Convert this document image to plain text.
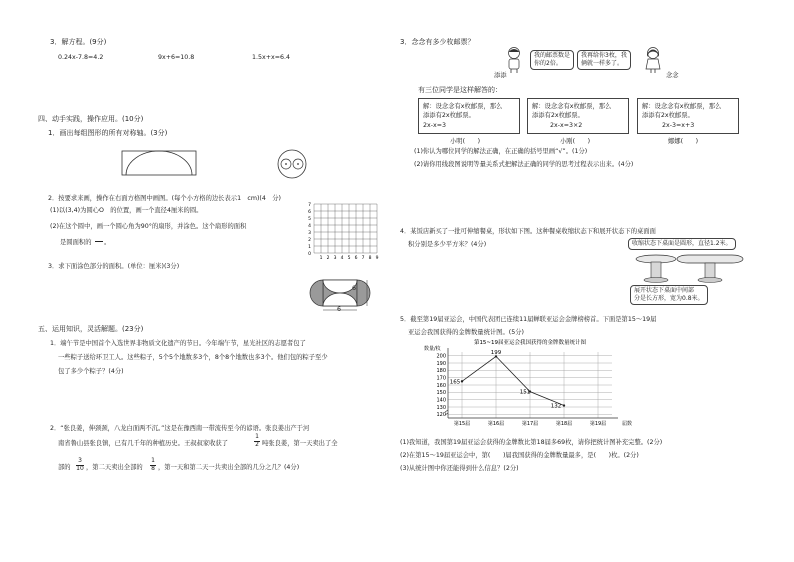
3．解方程。(9分)
0.24x-7.8=4.2	9x+6=10.8	1.5x+x=6.4
四、动手实践，操作应用。(10分)
1．画出每组图形的所有对称轴。(3分)
2．按要求来画，操作在右面方格图中画图。(每个小方格的边长表示1　cm)(4　分)
(1)以(3,4)为圆心O　的位置，画一个直径4厘米的圆。
(2)在这个圆中，画一个圆心角为90°的扇形，并涂色。这个扇形的面积
是圆面积的 。
7
6
5
4
3
2
1
0
1 2 3 4 5 6 7 8 9
3．求下面涂色部分的面积。(单位：厘米)(3分)
6
6
五、运用知识，灵活解题。(23分)
1．端午节是中国首个入选世界非物质文化遗产的节日。今年端午节，星光社区的志愿者包了
一些粽子送给环卫工人。这些粽子，5个5个地数多3个，8个8个地数也多3个。他们包的粽子至少
包了多少个粽子？(4分)
2．“张良姜，伸颈颈，八龙白面两不沉。”这是在豫西南一带流传至今的谚语。张良姜出产于河
南省鲁山县张良镇，已有几千年的种植历史。王叔叔家收获了
1
2 吨张良姜，第一天卖出了全
部的
3
10 ，第二天卖出全部的
1
8 ，第一天和第二天一共卖出全部的几分之几？(4分)
3．念念有多少枚邮票？
添添
我的邮票数是
你的2倍。
我再给你3枚，我
俩就一样多了。
念念
有三位同学是这样解答的：
解：设念念有x枚邮票，那么
添添有2x枚邮票。
2x-x=3
解：设念念有x枚邮票，那么
添添有2x枚邮票。
2x-x=3×2
解：设念念有x枚邮票，那么
添添有2x枚邮票。
2x-3=x+3
小明(　　)	小刚(　　)	娜娜(　　)
(1)你认为哪位同学的解法正确，在正确的括号里画“√”。(1分)
(2)请你用线段图说明等量关系式把解法正确的同学的思考过程表示出来。(4分)
4．某饭店新买了一批可伸缩餐桌，形状如下图。这种餐桌收缩状态下和展开状态下的桌面面
积分别是多少平方米？(4分)	收缩状态下桌面是圆形，直径1.2米。
展开状态下桌面中间部
分是长方形，宽为0.8米。
5．截至第19届亚运会，中国代表团已连续11届蝉联亚运会金牌榜榜首。下面是第15～19届
亚运会我国获得的金牌数量统计图。(5分)
第15~19届亚运会我国获得的金牌数量统计图
数量/枚
120
130
140
150
160
170
180
190
200
第15届	第16届	第17届	第18届	第19届	届数
165
199
151
132
(1)我知道，我国第19届亚运会获得的金牌数比第18届多69枚，请你把统计图补充完整。(2分)
(2)在第15～19届亚运会中，第(　　)届我国获得的金牌数量最多，是(　　)枚。(2分)
(3)从统计图中你还能得到什么信息？(2分)
